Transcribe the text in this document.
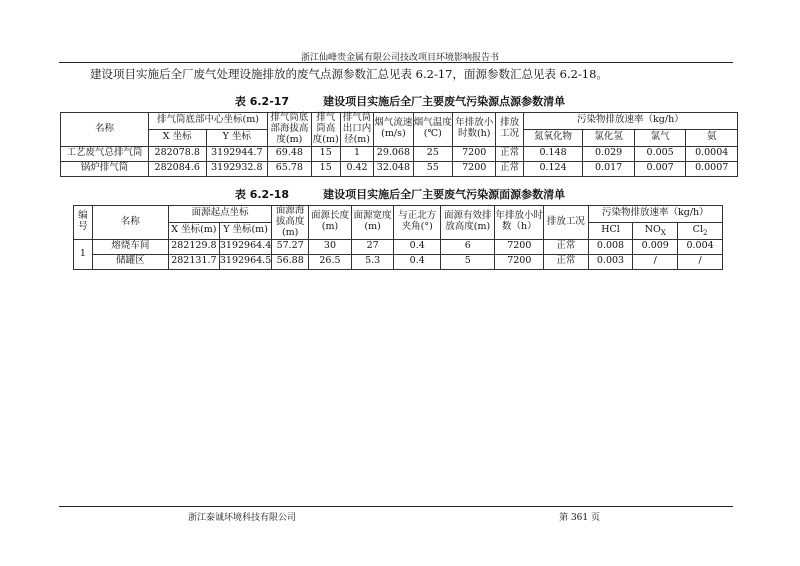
浙江仙峰贵金属有限公司技改项目环境影响报告书
建设项目实施后全厂废气处理设施排放的废气点源参数汇总见表 6.2-17，面源参数汇总见表 6.2-18。
表 6.2-17	建设项目实施后全厂主要废气污染源点源参数清单
名称	排气筒底部中心坐标(m)		排气筒底部海拔高度(m)	排气筒高度(m)	排气筒出口内径(m)	烟气流速(m/s)	烟气温度(℃)	年排放小时数(h)	排放工况	污染物排放速率（kg/h）			
	X 坐标	Y 坐标								氮氧化物	氯化氢	氯气	氨
工艺废气总排气筒	282078.8	3192944.7	69.48	15	1	29.068	25	7200	正常	0.148	0.029	0.005	0.0004
锅炉排气筒	282084.6	3192932.8	65.78	15	0.42	32.048	55	7200	正常	0.124	0.017	0.007	0.0007
表 6.2-18	建设项目实施后全厂主要废气污染源面源参数清单
编号	名称	面源起点坐标		面源海拔高度(m)	面源长度(m)	面源宽度(m)	与正北方夹角(°)	面源有效排放高度(m)	年排放小时数（h）	排放工况	污染物排放速率（kg/h）		
		X 坐标(m)	Y 坐标(m)								HCl	$NO_X$	$Cl_2$
1	熔烧车间	282129.8	3192964.4	57.27	30	27	0.4	6	7200	正常	0.008	0.009	0.004
	储罐区	282131.7	3192964.5	56.88	26.5	5.3	0.4	5	7200	正常	0.003	/	/
浙江泰诚环境科技有限公司	第 361 页
